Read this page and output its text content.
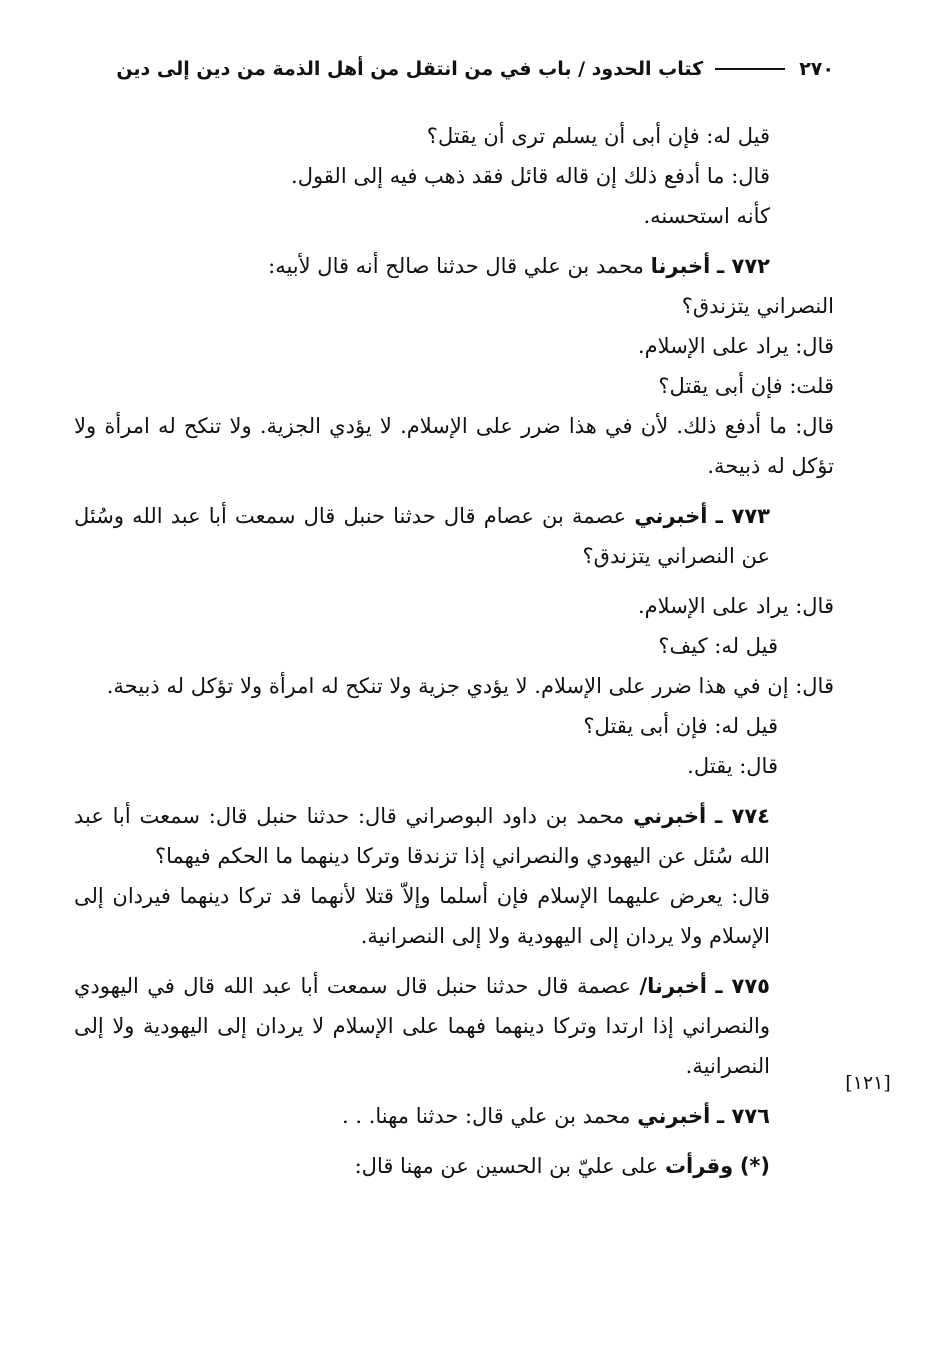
٢٧٠
كتاب الحدود / باب في من انتقل من أهل الذمة من دين إلى دين
[١٢١]

قيل له: فإن أبى أن يسلم ترى أن يقتل؟

قال: ما أدفع ذلك إن قاله قائل فقد ذهب فيه إلى القول.

كأنه استحسنه.

٧٧٢ ـ أخبرنا محمد بن علي قال حدثنا صالح أنه قال لأبيه:

النصراني يتزندق؟

قال: يراد على الإسلام.

قلت: فإن أبى يقتل؟

قال: ما أدفع ذلك. لأن في هذا ضرر على الإسلام. لا يؤدي الجزية. ولا تنكح له امرأة ولا تؤكل له ذبيحة.

٧٧٣ ـ أخبرني عصمة بن عصام قال حدثنا حنبل قال سمعت أبا عبد الله وسُئل عن النصراني يتزندق؟

قال: يراد على الإسلام.

قيل له: كيف؟

قال: إن في هذا ضرر على الإسلام. لا يؤدي جزية ولا تنكح له امرأة ولا تؤكل له ذبيحة.

قيل له: فإن أبى يقتل؟

قال: يقتل.

٧٧٤ ـ أخبرني محمد بن داود البوصراني قال: حدثنا حنبل قال: سمعت أبا عبد الله سُئل عن اليهودي والنصراني إذا تزندقا وتركا دينهما ما الحكم فيهما؟

قال: يعرض عليهما الإسلام فإن أسلما وإلاّ قتلا لأنهما قد تركا دينهما فيردان إلى الإسلام ولا يردان إلى اليهودية ولا إلى النصرانية.

٧٧٥ ـ أخبرنا/ عصمة قال حدثنا حنبل قال سمعت أبا عبد الله قال في اليهودي والنصراني إذا ارتدا وتركا دينهما فهما على الإسلام لا يردان إلى اليهودية ولا إلى النصرانية.

٧٧٦ ـ أخبرني محمد بن علي قال: حدثنا مهنا. . .

(*) وقرأت على عليّ بن الحسين عن مهنا قال:
